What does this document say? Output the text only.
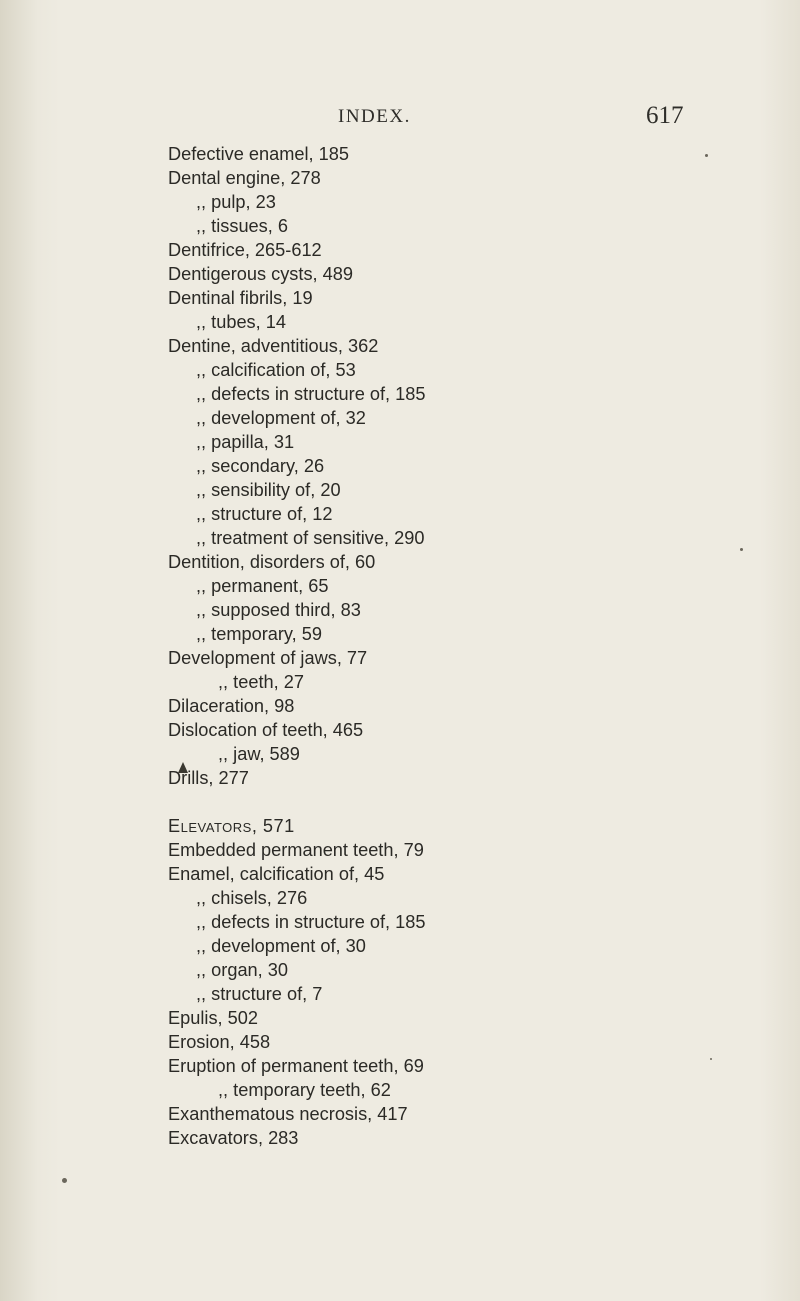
INDEX.	617
Defective enamel, 185
Dental engine, 278
,, pulp, 23
,, tissues, 6
Dentifrice, 265-612
Dentigerous cysts, 489
Dentinal fibrils, 19
,, tubes, 14
Dentine, adventitious, 362
,, calcification of, 53
,, defects in structure of, 185
,, development of, 32
,, papilla, 31
,, secondary, 26
,, sensibility of, 20
,, structure of, 12
,, treatment of sensitive, 290
Dentition, disorders of, 60
,, permanent, 65
,, supposed third, 83
,, temporary, 59
Development of jaws, 77
,, teeth, 27
Dilaceration, 98
Dislocation of teeth, 465
,, jaw, 589
Drills, 277
Elevators, 571
Embedded permanent teeth, 79
Enamel, calcification of, 45
,, chisels, 276
,, defects in structure of, 185
,, development of, 30
,, organ, 30
,, structure of, 7
Epulis, 502
Erosion, 458
Eruption of permanent teeth, 69
,, temporary teeth, 62
Exanthematous necrosis, 417
Excavators, 283
